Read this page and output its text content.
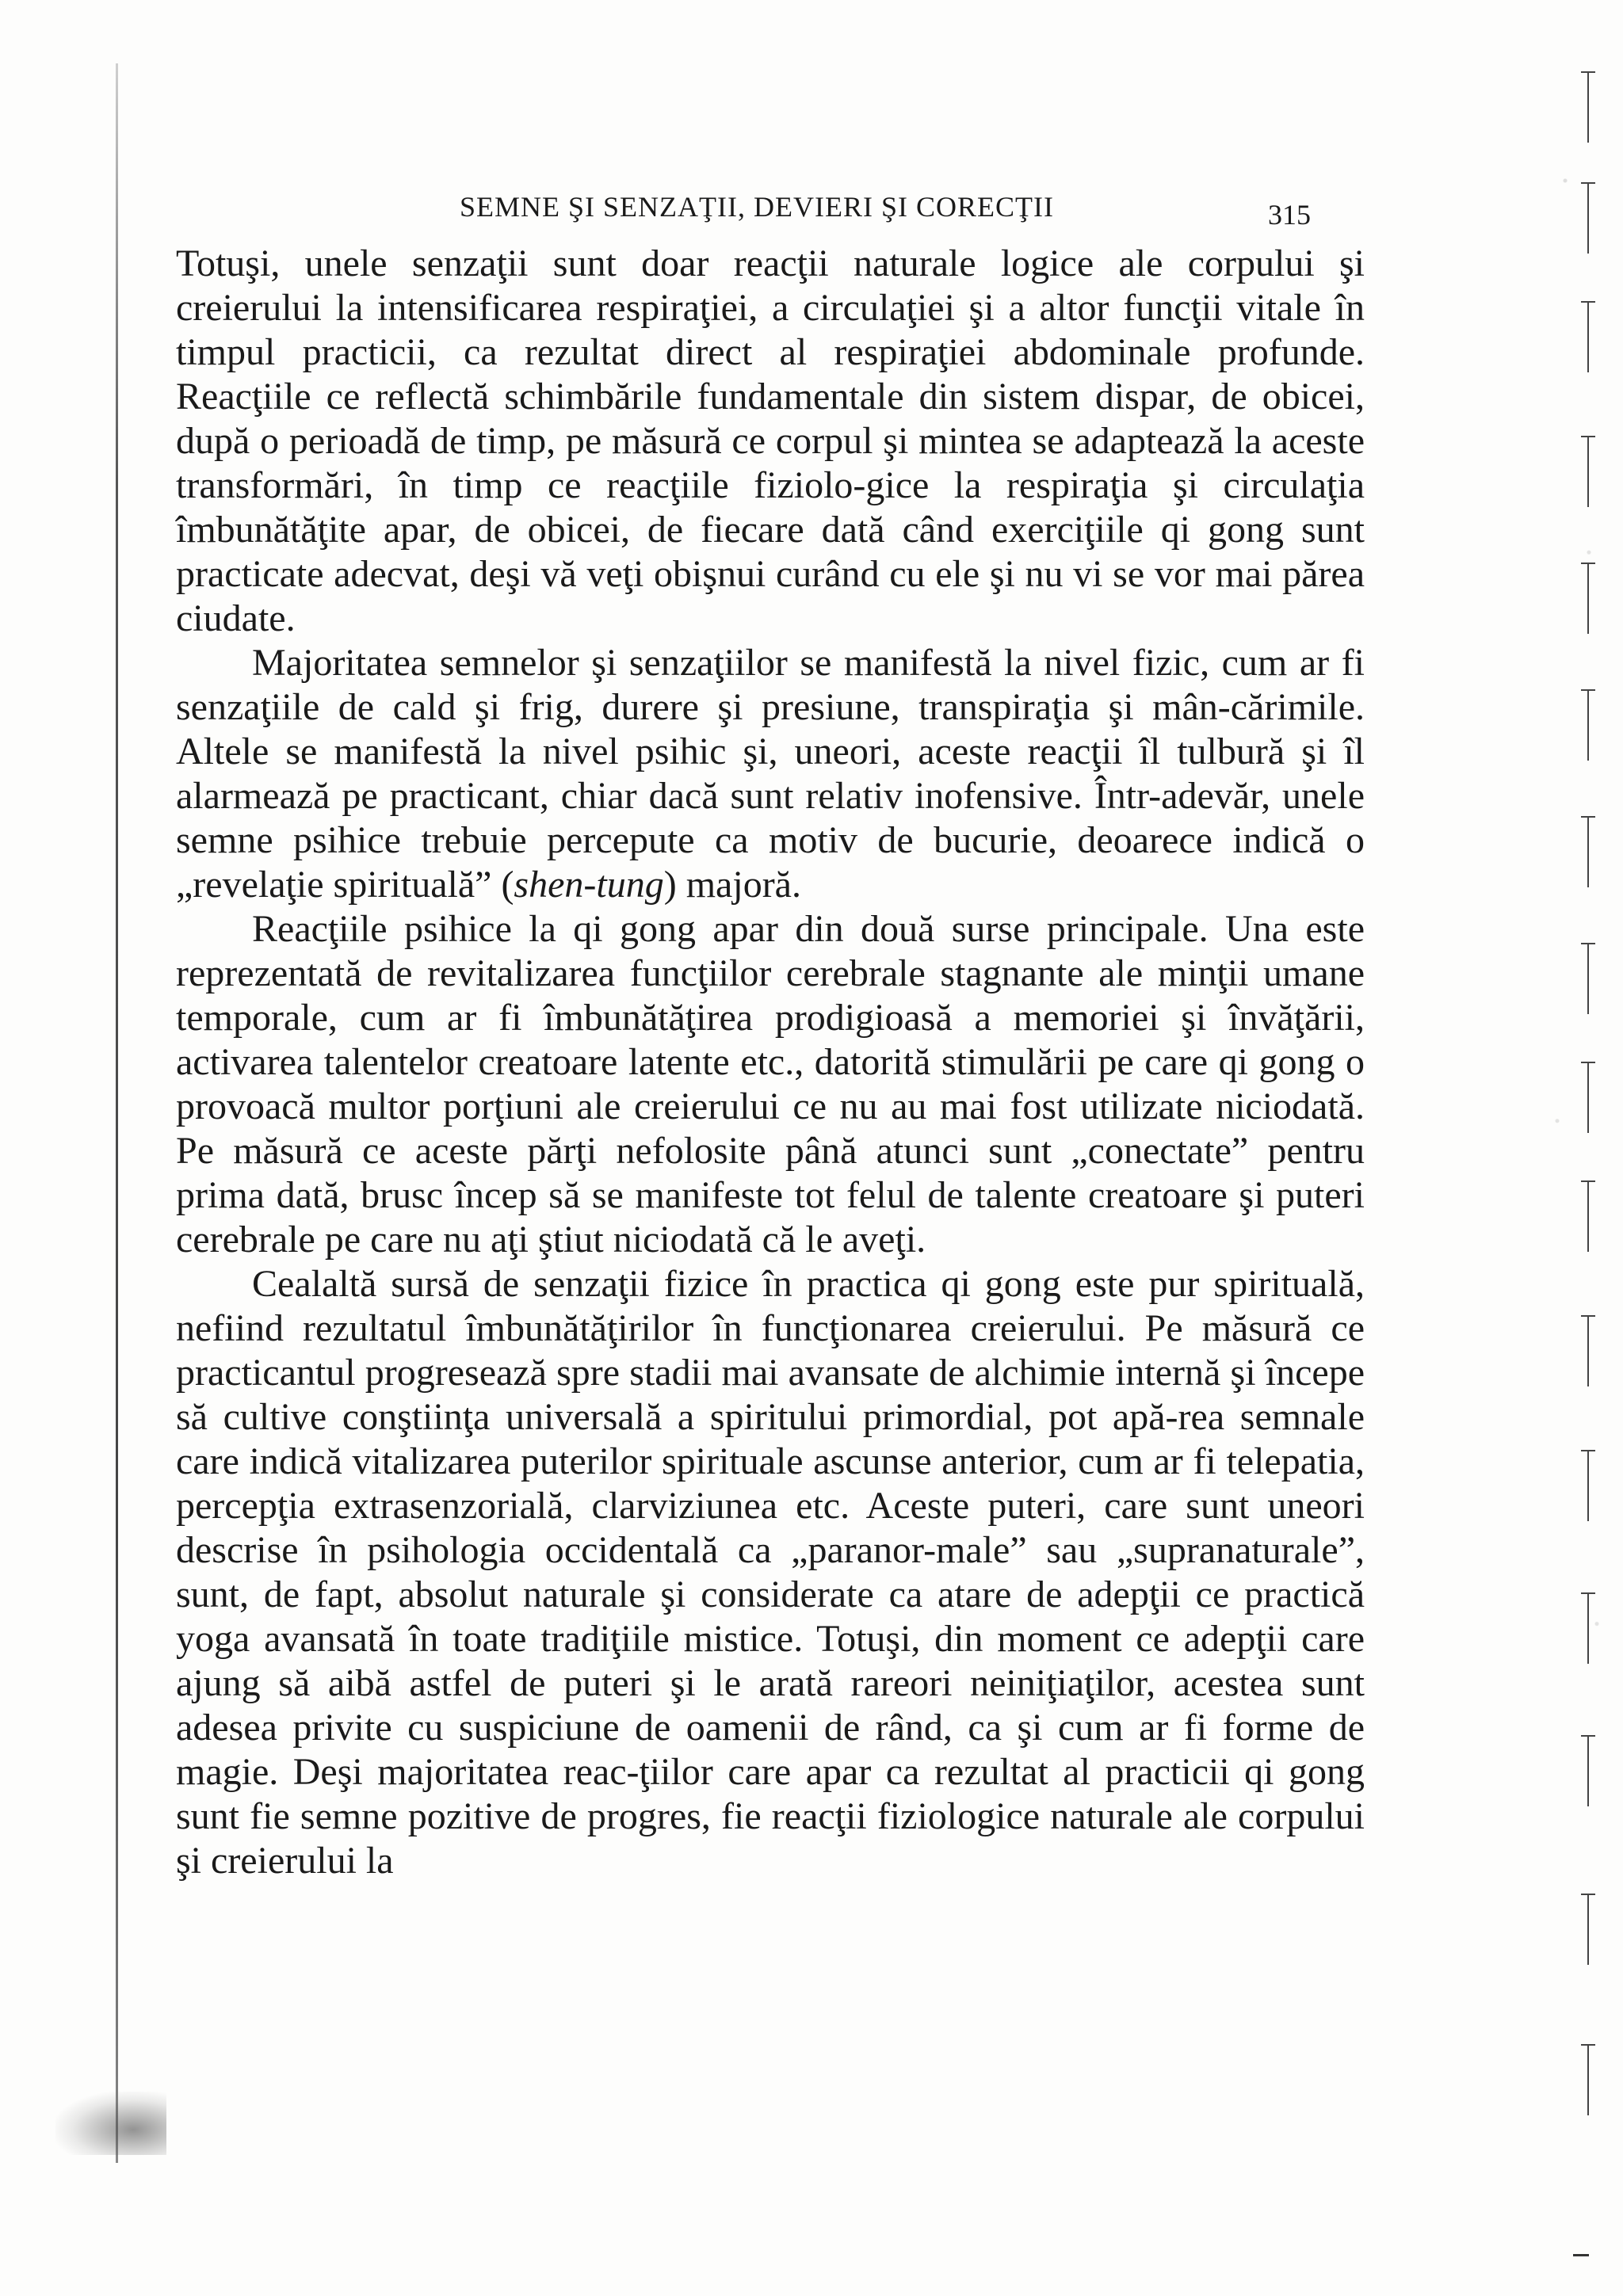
SEMNE ŞI SENZAŢII, DEVIERI ŞI CORECŢII	315

Totuşi, unele senzaţii sunt doar reacţii naturale logice ale corpului şi creierului la intensificarea respiraţiei, a circulaţiei şi a altor funcţii vitale în timpul practicii, ca rezultat direct al respiraţiei abdominale profunde. Reacţiile ce reflectă schimbările fundamentale din sistem dispar, de obicei, după o perioadă de timp, pe măsură ce corpul şi mintea se adaptează la aceste transformări, în timp ce reacţiile fiziolo-gice la respiraţia şi circulaţia îmbunătăţite apar, de obicei, de fiecare dată când exerciţiile qi gong sunt practicate adecvat, deşi vă veţi obişnui curând cu ele şi nu vi se vor mai părea ciudate.

Majoritatea semnelor şi senzaţiilor se manifestă la nivel fizic, cum ar fi senzaţiile de cald şi frig, durere şi presiune, transpiraţia şi mân-cărimile. Altele se manifestă la nivel psihic şi, uneori, aceste reacţii îl tulbură şi îl alarmează pe practicant, chiar dacă sunt relativ inofensive. Într-adevăr, unele semne psihice trebuie percepute ca motiv de bucurie, deoarece indică o „revelaţie spirituală” (shen-tung) majoră.

Reacţiile psihice la qi gong apar din două surse principale. Una este reprezentată de revitalizarea funcţiilor cerebrale stagnante ale minţii umane temporale, cum ar fi îmbunătăţirea prodigioasă a memoriei şi învăţării, activarea talentelor creatoare latente etc., datorită stimulării pe care qi gong o provoacă multor porţiuni ale creierului ce nu au mai fost utilizate niciodată. Pe măsură ce aceste părţi nefolosite până atunci sunt „conectate” pentru prima dată, brusc încep să se manifeste tot felul de talente creatoare şi puteri cerebrale pe care nu aţi ştiut niciodată că le aveţi.

Cealaltă sursă de senzaţii fizice în practica qi gong este pur spirituală, nefiind rezultatul îmbunătăţirilor în funcţionarea creierului. Pe măsură ce practicantul progresează spre stadii mai avansate de alchimie internă şi începe să cultive conştiinţa universală a spiritului primordial, pot apă-rea semnale care indică vitalizarea puterilor spirituale ascunse anterior, cum ar fi telepatia, percepţia extrasenzorială, clarviziunea etc. Aceste puteri, care sunt uneori descrise în psihologia occidentală ca „paranor-male” sau „supranaturale”, sunt, de fapt, absolut naturale şi considerate ca atare de adepţii ce practică yoga avansată în toate tradiţiile mistice. Totuşi, din moment ce adepţii care ajung să aibă astfel de puteri şi le arată rareori neiniţiaţilor, acestea sunt adesea privite cu suspiciune de oamenii de rând, ca şi cum ar fi forme de magie. Deşi majoritatea reac-ţiilor care apar ca rezultat al practicii qi gong sunt fie semne pozitive de progres, fie reacţii fiziologice naturale ale corpului şi creierului la
